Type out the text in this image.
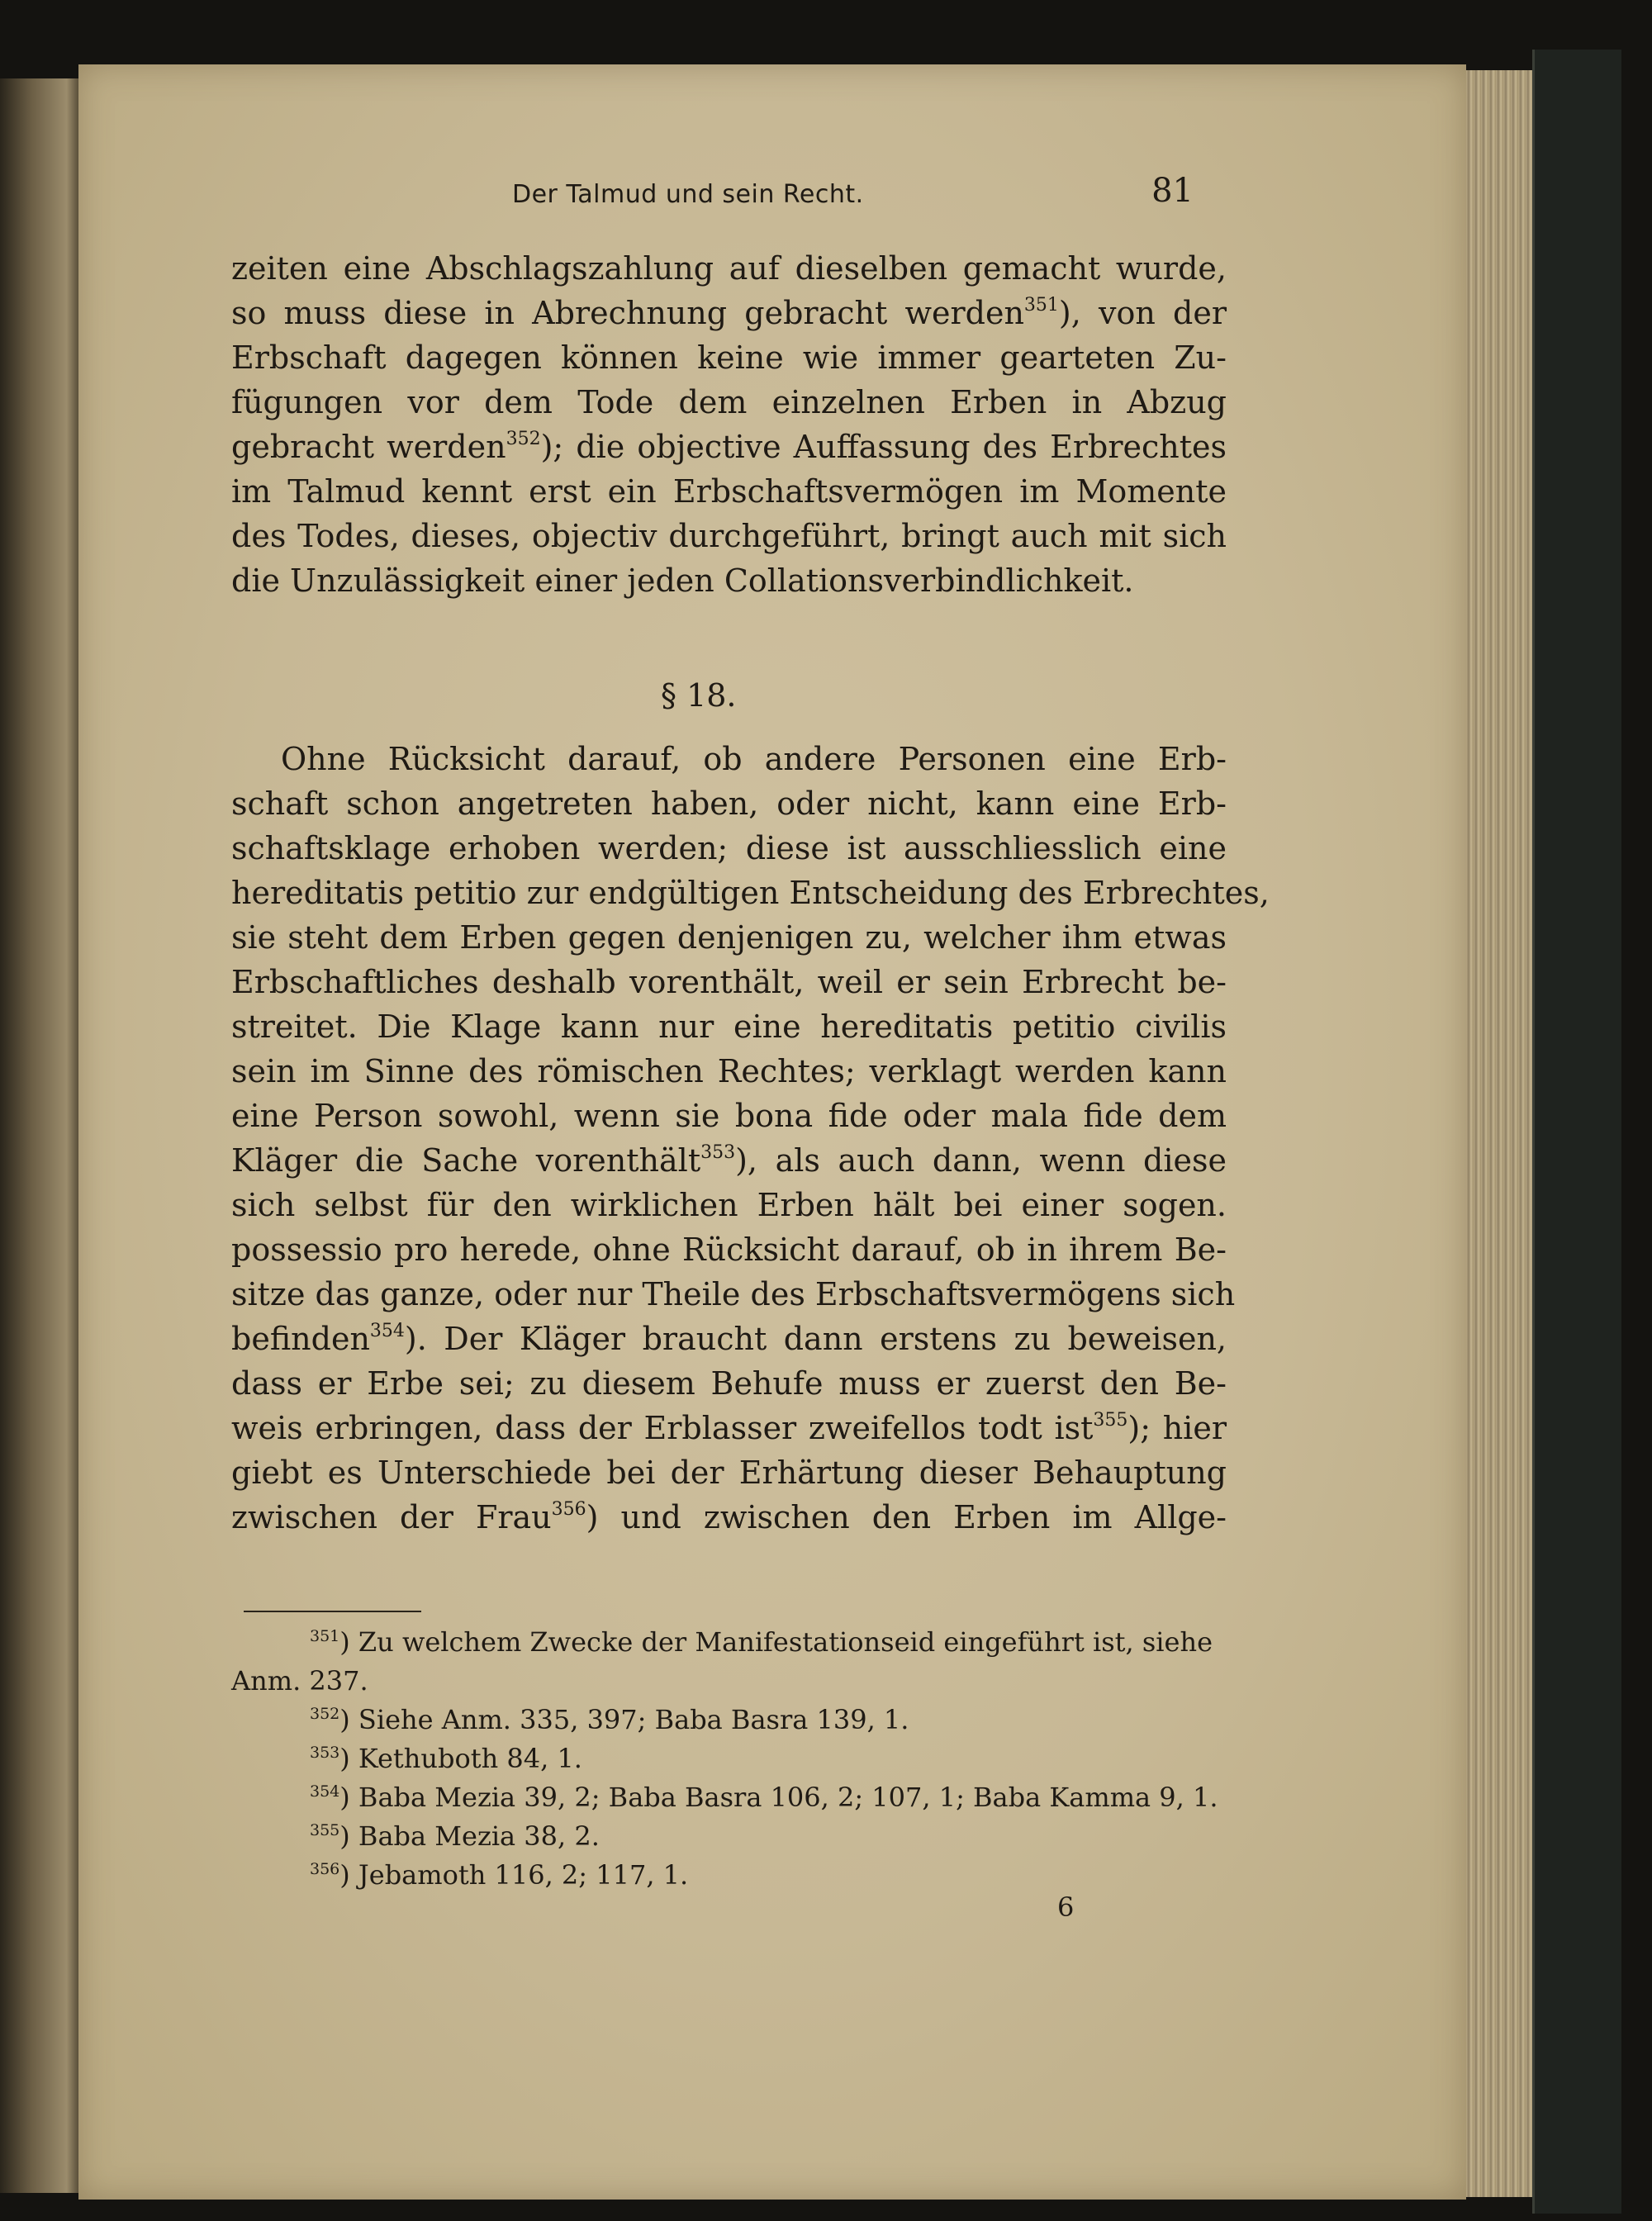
Der Talmud und sein Recht.	81
zeiten eine Abschlagszahlung auf dieselben gemacht wurde,
so muss diese in Abrechnung gebracht werden$^{351}$), von der
Erbschaft dagegen können keine wie immer gearteten Zu-
fügungen vor dem Tode dem einzelnen Erben in Abzug
gebracht werden$^{352}$); die objective Auffassung des Erbrechtes
im Talmud kennt erst ein Erbschaftsvermögen im Momente
des Todes, dieses, objectiv durchgeführt, bringt auch mit sich
die Unzulässigkeit einer jeden Collationsverbindlichkeit.
§ 18.
Ohne Rücksicht darauf, ob andere Personen eine Erb-
schaft schon angetreten haben, oder nicht, kann eine Erb-
schaftsklage erhoben werden; diese ist ausschliesslich eine
hereditatis petitio zur endgültigen Entscheidung des Erbrechtes,
sie steht dem Erben gegen denjenigen zu, welcher ihm etwas
Erbschaftliches deshalb vorenthält, weil er sein Erbrecht be-
streitet. Die Klage kann nur eine hereditatis petitio civilis
sein im Sinne des römischen Rechtes; verklagt werden kann
eine Person sowohl, wenn sie bona fide oder mala fide dem
Kläger die Sache vorenthält$^{353}$), als auch dann, wenn diese
sich selbst für den wirklichen Erben hält bei einer sogen.
possessio pro herede, ohne Rücksicht darauf, ob in ihrem Be-
sitze das ganze, oder nur Theile des Erbschaftsvermögens sich
befinden$^{354}$). Der Kläger braucht dann erstens zu beweisen,
dass er Erbe sei; zu diesem Behufe muss er zuerst den Be-
weis erbringen, dass der Erblasser zweifellos todt ist$^{355}$); hier
giebt es Unterschiede bei der Erhärtung dieser Behauptung
zwischen der Frau$^{356}$) und zwischen den Erben im Allge-
$^{351}$) Zu welchem Zwecke der Manifestationseid eingeführt ist, siehe
Anm. 237.
$^{352}$) Siehe Anm. 335, 397; Baba Basra 139, 1.
$^{353}$) Kethuboth 84, 1.
$^{354}$) Baba Mezia 39, 2; Baba Basra 106, 2; 107, 1; Baba Kamma 9, 1.
$^{355}$) Baba Mezia 38, 2.
$^{356}$) Jebamoth 116, 2; 117, 1.
6
